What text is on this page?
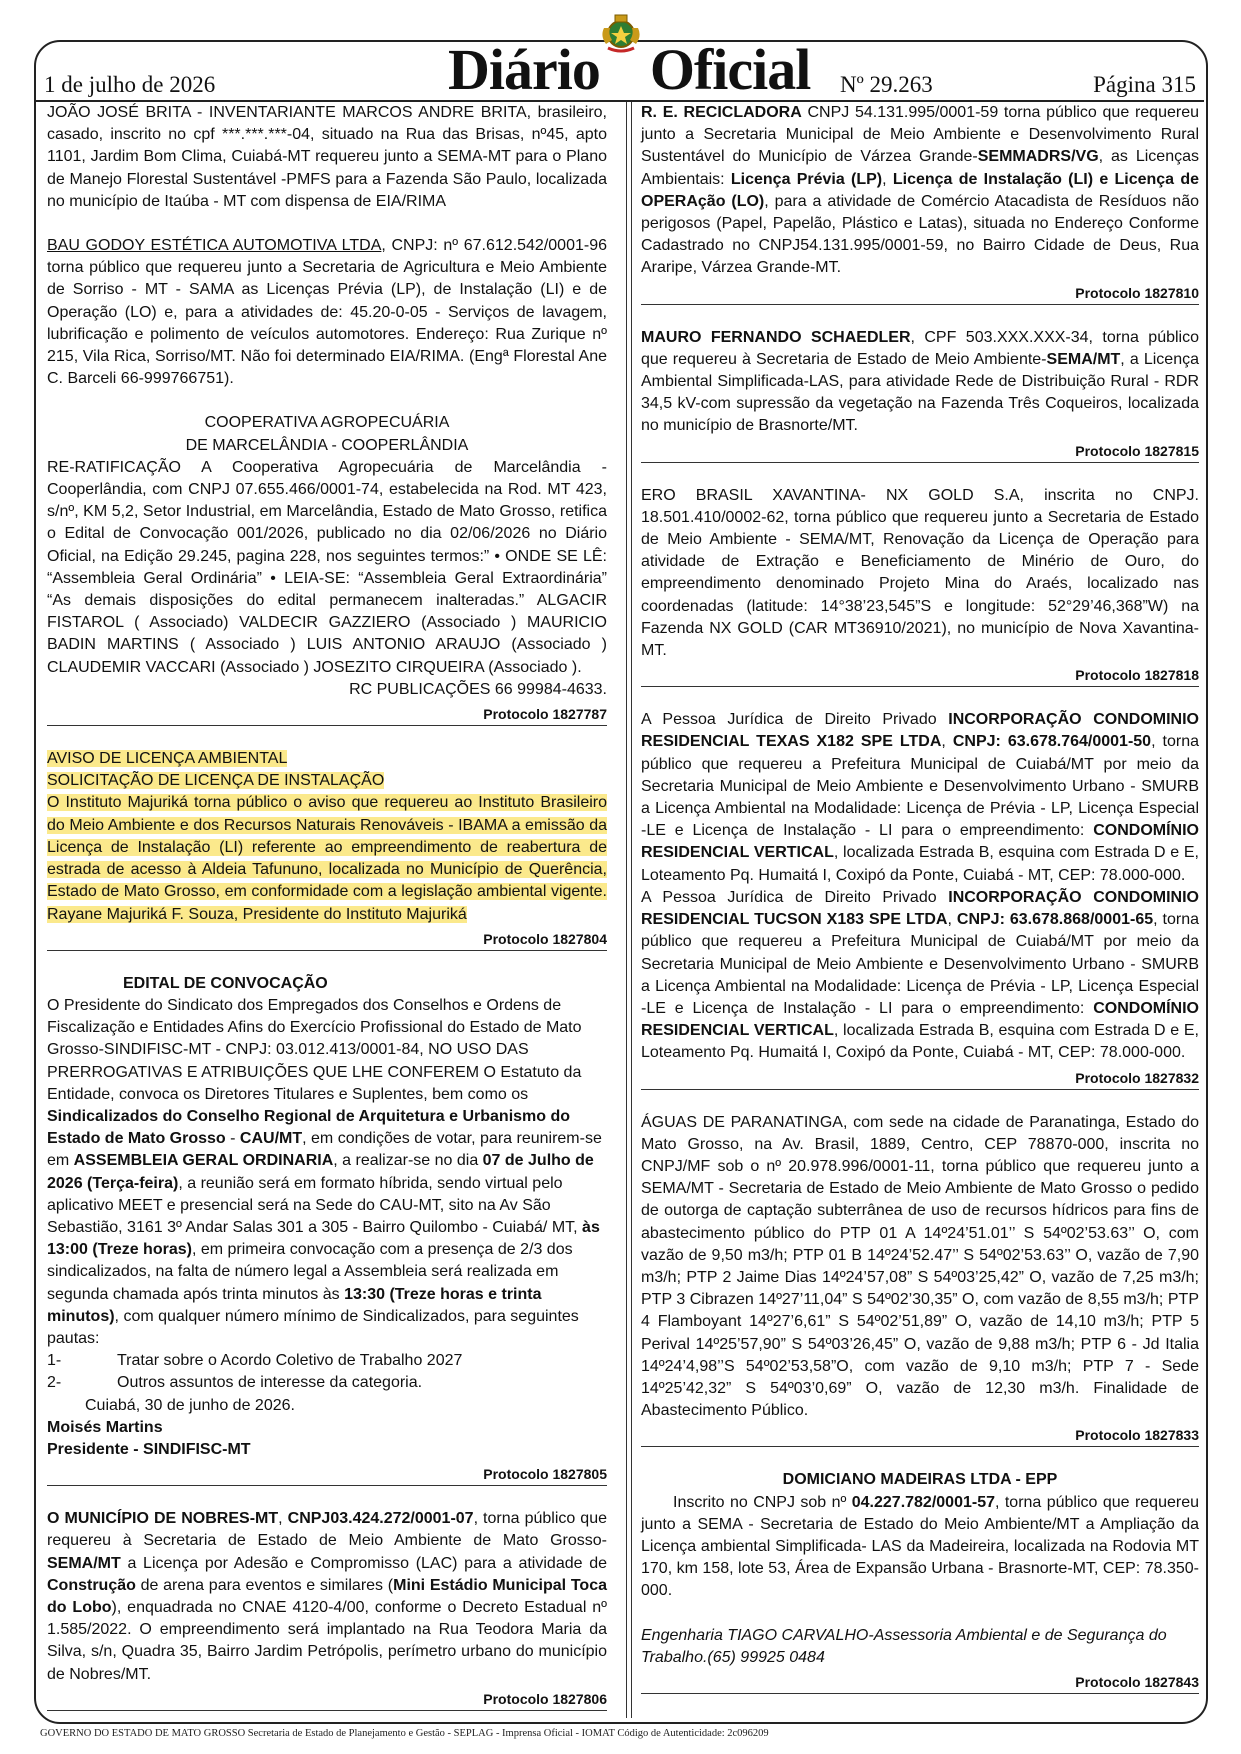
1 de julho de 2026	Diário Oficial Nº 29.263	Página 315

JOÃO JOSÉ BRITA - INVENTARIANTE MARCOS ANDRE BRITA, brasileiro, casado, inscrito no cpf ***.***.***-04, situado na Rua das Brisas, nº45, apto 1101, Jardim Bom Clima, Cuiabá-MT requereu junto a SEMA-MT para o Plano de Manejo Florestal Sustentável -PMFS para a Fazenda São Paulo, localizada no município de Itaúba - MT com dispensa de EIA/RIMA

BAU GODOY ESTÉTICA AUTOMOTIVA LTDA, CNPJ: nº 67.612.542/0001-96 torna público que requereu junto a Secretaria de Agricultura e Meio Ambiente de Sorriso - MT - SAMA as Licenças Prévia (LP), de Instalação (LI) e de Operação (LO) e, para a atividades de: 45.20-0-05 - Serviços de lavagem, lubrificação e polimento de veículos automotores. Endereço: Rua Zurique nº 215, Vila Rica, Sorriso/MT. Não foi determinado EIA/RIMA. (Engª Florestal Ane C. Barceli 66-999766751).

COOPERATIVA AGROPECUÁRIA

DE MARCELÂNDIA - COOPERLÂNDIA

RE-RATIFICAÇÃO A Cooperativa Agropecuária de Marcelândia - Cooperlândia, com CNPJ 07.655.466/0001-74, estabelecida na Rod. MT 423, s/nº, KM 5,2, Setor Industrial, em Marcelândia, Estado de Mato Grosso, retifica o Edital de Convocação 001/2026, publicado no dia 02/06/2026 no Diário Oficial, na Edição 29.245, pagina 228, nos seguintes termos:” • ONDE SE LÊ: “Assembleia Geral Ordinária” • LEIA-SE: “Assembleia Geral Extraordinária” “As demais disposições do edital permanecem inalteradas.” ALGACIR FISTAROL ( Associado) VALDECIR GAZZIERO (Associado ) MAURICIO BADIN MARTINS ( Associado ) LUIS ANTONIO ARAUJO (Associado ) CLAUDEMIR VACCARI (Associado ) JOSEZITO CIRQUEIRA (Associado ).

RC PUBLICAÇÕES 66 99984-4633.

Protocolo 1827787

AVISO DE LICENÇA AMBIENTAL

SOLICITAÇÃO DE LICENÇA DE INSTALAÇÃO

O Instituto Majuriká torna público o aviso que requereu ao Instituto Brasileiro do Meio Ambiente e dos Recursos Naturais Renováveis - IBAMA a emissão da Licença de Instalação (LI) referente ao empreendimento de reabertura de estrada de acesso à Aldeia Tafununo, localizada no Município de Querência, Estado de Mato Grosso, em conformidade com a legislação ambiental vigente. Rayane Majuriká F. Souza, Presidente do Instituto Majuriká

Protocolo 1827804

EDITAL DE CONVOCAÇÃO

O Presidente do Sindicato dos Empregados dos Conselhos e Ordens de Fiscalização e Entidades Afins do Exercício Profissional do Estado de Mato Grosso-SINDIFISC-MT - CNPJ: 03.012.413/0001-84, NO USO DAS PRERROGATIVAS E ATRIBUIÇÕES QUE LHE CONFEREM O Estatuto da Entidade, convoca os Diretores Titulares e Suplentes, bem como os Sindicalizados do Conselho Regional de Arquitetura e Urbanismo do Estado de Mato Grosso - CAU/MT, em condições de votar, para reunirem-se em ASSEMBLEIA GERAL ORDINARIA, a realizar-se no dia 07 de Julho de 2026 (Terça-feira), a reunião será em formato híbrida, sendo virtual pelo aplicativo MEET e presencial será na Sede do CAU-MT, sito na Av São Sebastião, 3161 3º Andar Salas 301 a 305 - Bairro Quilombo - Cuiabá/ MT, às 13:00 (Treze horas), em primeira convocação com a presença de 2/3 dos sindicalizados, na falta de número legal a Assembleia será realizada em segunda chamada após trinta minutos às 13:30 (Treze horas e trinta minutos), com qualquer número mínimo de Sindicalizados, para seguintes pautas:

1-	Tratar sobre o Acordo Coletivo de Trabalho 2027
2-	Outros assuntos de interesse da categoria.

Cuiabá, 30 de junho de 2026.

Moisés Martins

Presidente - SINDIFISC-MT

Protocolo 1827805

O MUNICÍPIO DE NOBRES-MT, CNPJ03.424.272/0001-07, torna público que requereu à Secretaria de Estado de Meio Ambiente de Mato Grosso-SEMA/MT a Licença por Adesão e Compromisso (LAC) para a atividade de Construção de arena para eventos e similares (Mini Estádio Municipal Toca do Lobo), enquadrada no CNAE 4120-4/00, conforme o Decreto Estadual nº 1.585/2022. O empreendimento será implantado na Rua Teodora Maria da Silva, s/n, Quadra 35, Bairro Jardim Petrópolis, perímetro urbano do município de Nobres/MT.

Protocolo 1827806

R. E. RECICLADORA CNPJ 54.131.995/0001-59 torna público que requereu junto a Secretaria Municipal de Meio Ambiente e Desenvolvimento Rural Sustentável do Município de Várzea Grande-SEMMADRS/VG, as Licenças Ambientais: Licença Prévia (LP), Licença de Instalação (LI) e Licença de OPERAção (LO), para a atividade de Comércio Atacadista de Resíduos não perigosos (Papel, Papelão, Plástico e Latas), situada no Endereço Conforme Cadastrado no CNPJ54.131.995/0001-59, no Bairro Cidade de Deus, Rua Araripe, Várzea Grande-MT.

Protocolo 1827810

MAURO FERNANDO SCHAEDLER, CPF 503.XXX.XXX-34, torna público que requereu à Secretaria de Estado de Meio Ambiente-SEMA/MT, a Licença Ambiental Simplificada-LAS, para atividade Rede de Distribuição Rural - RDR 34,5 kV-com supressão da vegetação na Fazenda Três Coqueiros, localizada no município de Brasnorte/MT.

Protocolo 1827815

ERO BRASIL XAVANTINA- NX GOLD S.A, inscrita no CNPJ. 18.501.410/0002-62, torna público que requereu junto a Secretaria de Estado de Meio Ambiente - SEMA/MT, Renovação da Licença de Operação para atividade de Extração e Beneficiamento de Minério de Ouro, do empreendimento denominado Projeto Mina do Araés, localizado nas coordenadas (latitude: 14°38’23,545”S e longitude: 52°29’46,368”W) na Fazenda NX GOLD (CAR MT36910/2021), no município de Nova Xavantina- MT.

Protocolo 1827818

A Pessoa Jurídica de Direito Privado INCORPORAÇÃO CONDOMINIO RESIDENCIAL TEXAS X182 SPE LTDA, CNPJ: 63.678.764/0001-50, torna público que requereu a Prefeitura Municipal de Cuiabá/MT por meio da Secretaria Municipal de Meio Ambiente e Desenvolvimento Urbano - SMURB a Licença Ambiental na Modalidade: Licença de Prévia - LP, Licença Especial -LE e Licença de Instalação - LI para o empreendimento: CONDOMÍNIO RESIDENCIAL VERTICAL, localizada Estrada B, esquina com Estrada D e E, Loteamento Pq. Humaitá I, Coxipó da Ponte, Cuiabá - MT, CEP: 78.000-000.

A Pessoa Jurídica de Direito Privado INCORPORAÇÃO CONDOMINIO RESIDENCIAL TUCSON X183 SPE LTDA, CNPJ: 63.678.868/0001-65, torna público que requereu a Prefeitura Municipal de Cuiabá/MT por meio da Secretaria Municipal de Meio Ambiente e Desenvolvimento Urbano - SMURB a Licença Ambiental na Modalidade: Licença de Prévia - LP, Licença Especial -LE e Licença de Instalação - LI para o empreendimento: CONDOMÍNIO RESIDENCIAL VERTICAL, localizada Estrada B, esquina com Estrada D e E, Loteamento Pq. Humaitá I, Coxipó da Ponte, Cuiabá - MT, CEP: 78.000-000.

Protocolo 1827832

ÁGUAS DE PARANATINGA, com sede na cidade de Paranatinga, Estado do Mato Grosso, na Av. Brasil, 1889, Centro, CEP 78870-000, inscrita no CNPJ/MF sob o nº 20.978.996/0001-11, torna público que requereu junto a SEMA/MT - Secretaria de Estado de Meio Ambiente de Mato Grosso o pedido de outorga de captação subterrânea de uso de recursos hídricos para fins de abastecimento público do PTP 01 A 14º24’51.01’’ S 54º02’53.63’’ O, com vazão de 9,50 m3/h; PTP 01 B 14º24’52.47’’ S 54º02’53.63’’ O, vazão de 7,90 m3/h; PTP 2 Jaime Dias 14º24’57,08” S 54º03’25,42” O, vazão de 7,25 m3/h; PTP 3 Cibrazen 14º27’11,04” S 54º02’30,35” O, com vazão de 8,55 m3/h; PTP 4 Flamboyant 14º27’6,61” S 54º02’51,89” O, vazão de 14,10 m3/h; PTP 5 Perival 14º25’57,90” S 54º03’26,45” O, vazão de 9,88 m3/h; PTP 6 - Jd Italia 14º24’4,98’’S 54º02’53,58”O, com vazão de 9,10 m3/h; PTP 7 - Sede 14º25’42,32” S 54º03’0,69” O, vazão de 12,30 m3/h. Finalidade de Abastecimento Público.

Protocolo 1827833

DOMICIANO MADEIRAS LTDA - EPP

Inscrito no CNPJ sob nº 04.227.782/0001-57, torna público que requereu junto a SEMA - Secretaria de Estado do Meio Ambiente/MT a Ampliação da Licença ambiental Simplificada- LAS da Madeireira, localizada na Rodovia MT 170, km 158, lote 53, Área de Expansão Urbana - Brasnorte-MT, CEP: 78.350-000.

Engenharia TIAGO CARVALHO-Assessoria Ambiental e de Segurança do Trabalho.(65) 99925 0484

Protocolo 1827843
GOVERNO DO ESTADO DE MATO GROSSO Secretaria de Estado de Planejamento e Gestão - SEPLAG - Imprensa Oficial - IOMAT Código de Autenticidade: 2c096209
